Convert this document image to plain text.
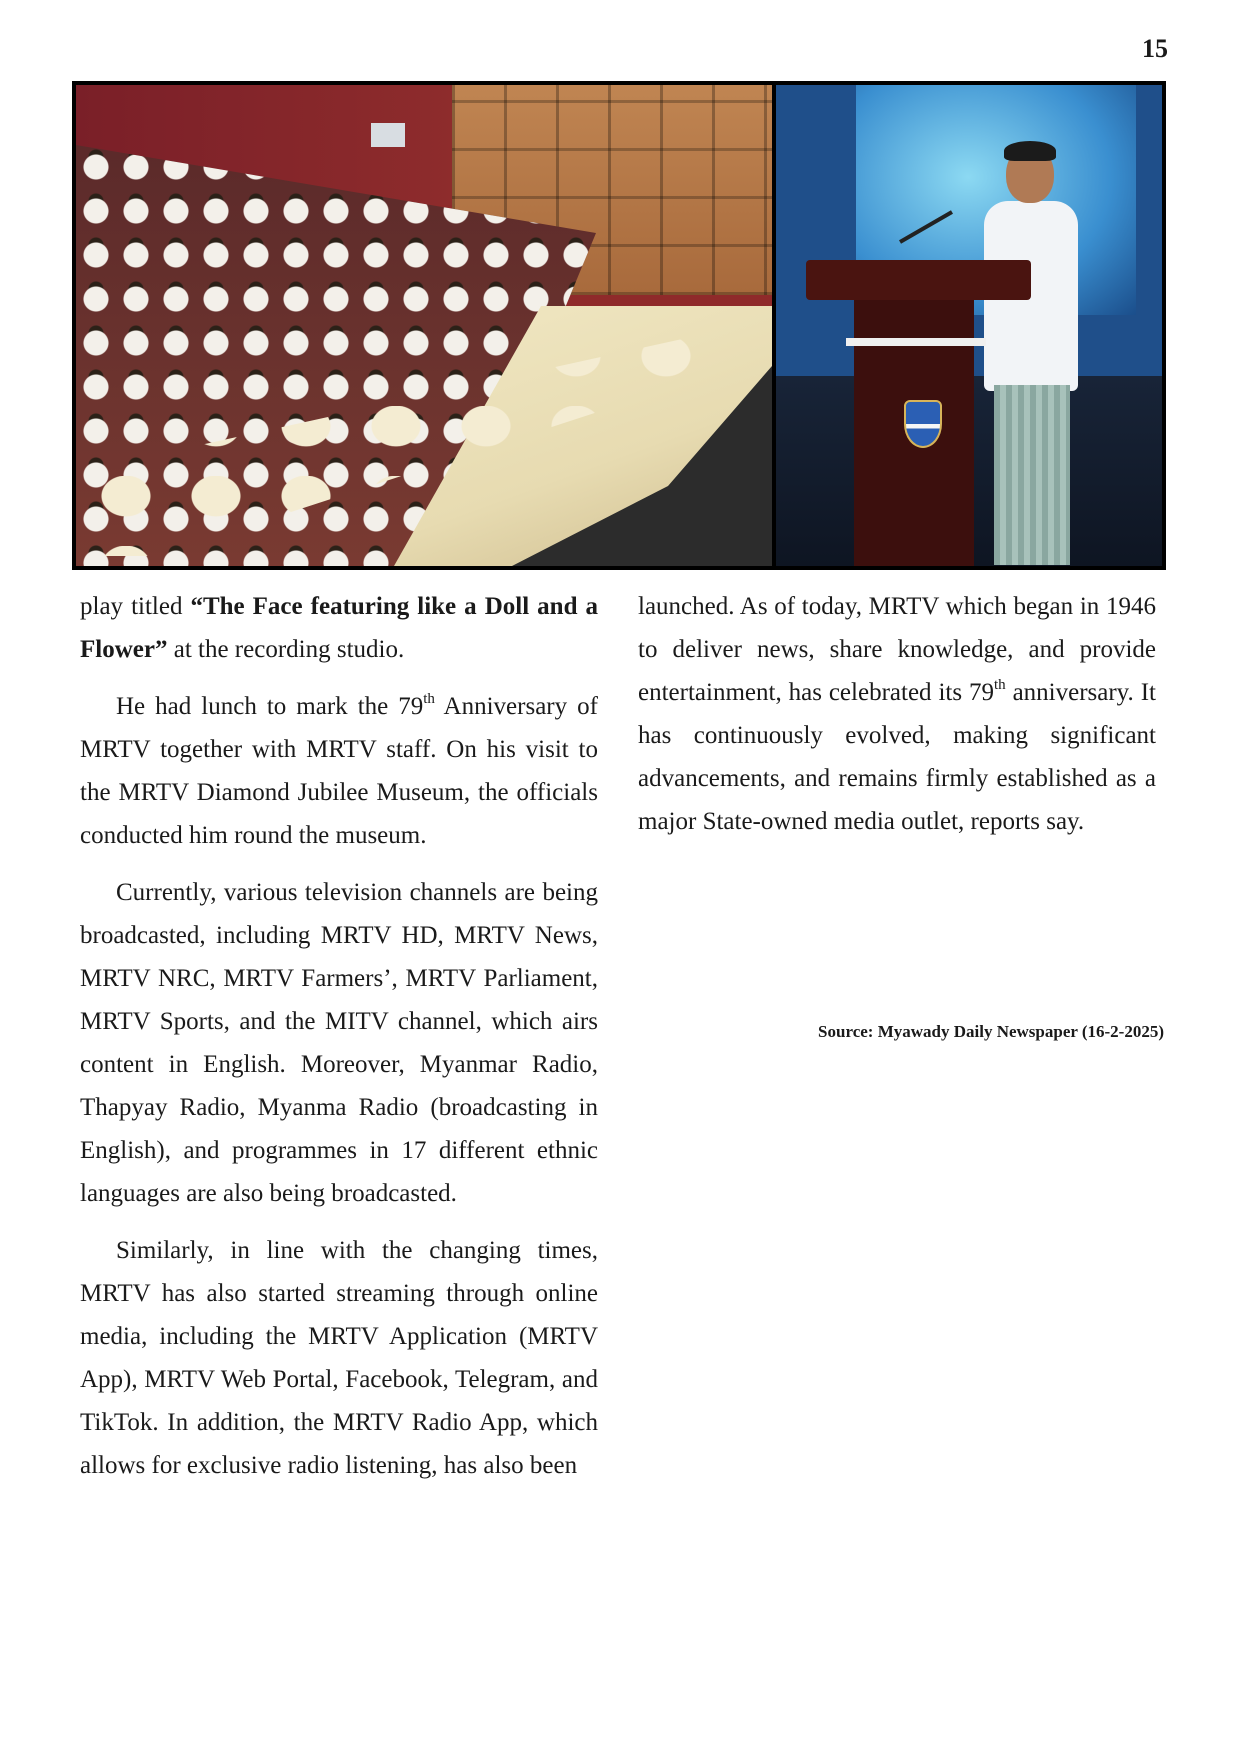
15

play titled “The Face featuring like a Doll and a Flower” at the recording studio.

He had lunch to mark the 79th Anniversary of MRTV together with MRTV staff. On his visit to the MRTV Diamond Jubilee Museum, the officials conducted him round the museum.

Currently, various television channels are being broadcasted, including MRTV HD, MRTV News, MRTV NRC, MRTV Farmers’, MRTV Parliament, MRTV Sports, and the MITV channel, which airs content in English. Moreover, Myanmar Radio, Thapyay Radio, Myanma Radio (broadcasting in English), and programmes in 17 different ethnic languages are also being broadcasted.

Similarly, in line with the changing times, MRTV has also started streaming through online media, including the MRTV Application (MRTV App), MRTV Web Portal, Facebook, Telegram, and TikTok. In addition, the MRTV Radio App, which allows for exclusive radio listening, has also been

launched. As of today, MRTV which began in 1946 to deliver news, share knowledge, and provide entertainment, has celebrated its 79th anniversary. It has continuously evolved, making significant advancements, and remains firmly established as a major State-owned media outlet, reports say.

Source: Myawady Daily Newspaper (16-2-2025)
